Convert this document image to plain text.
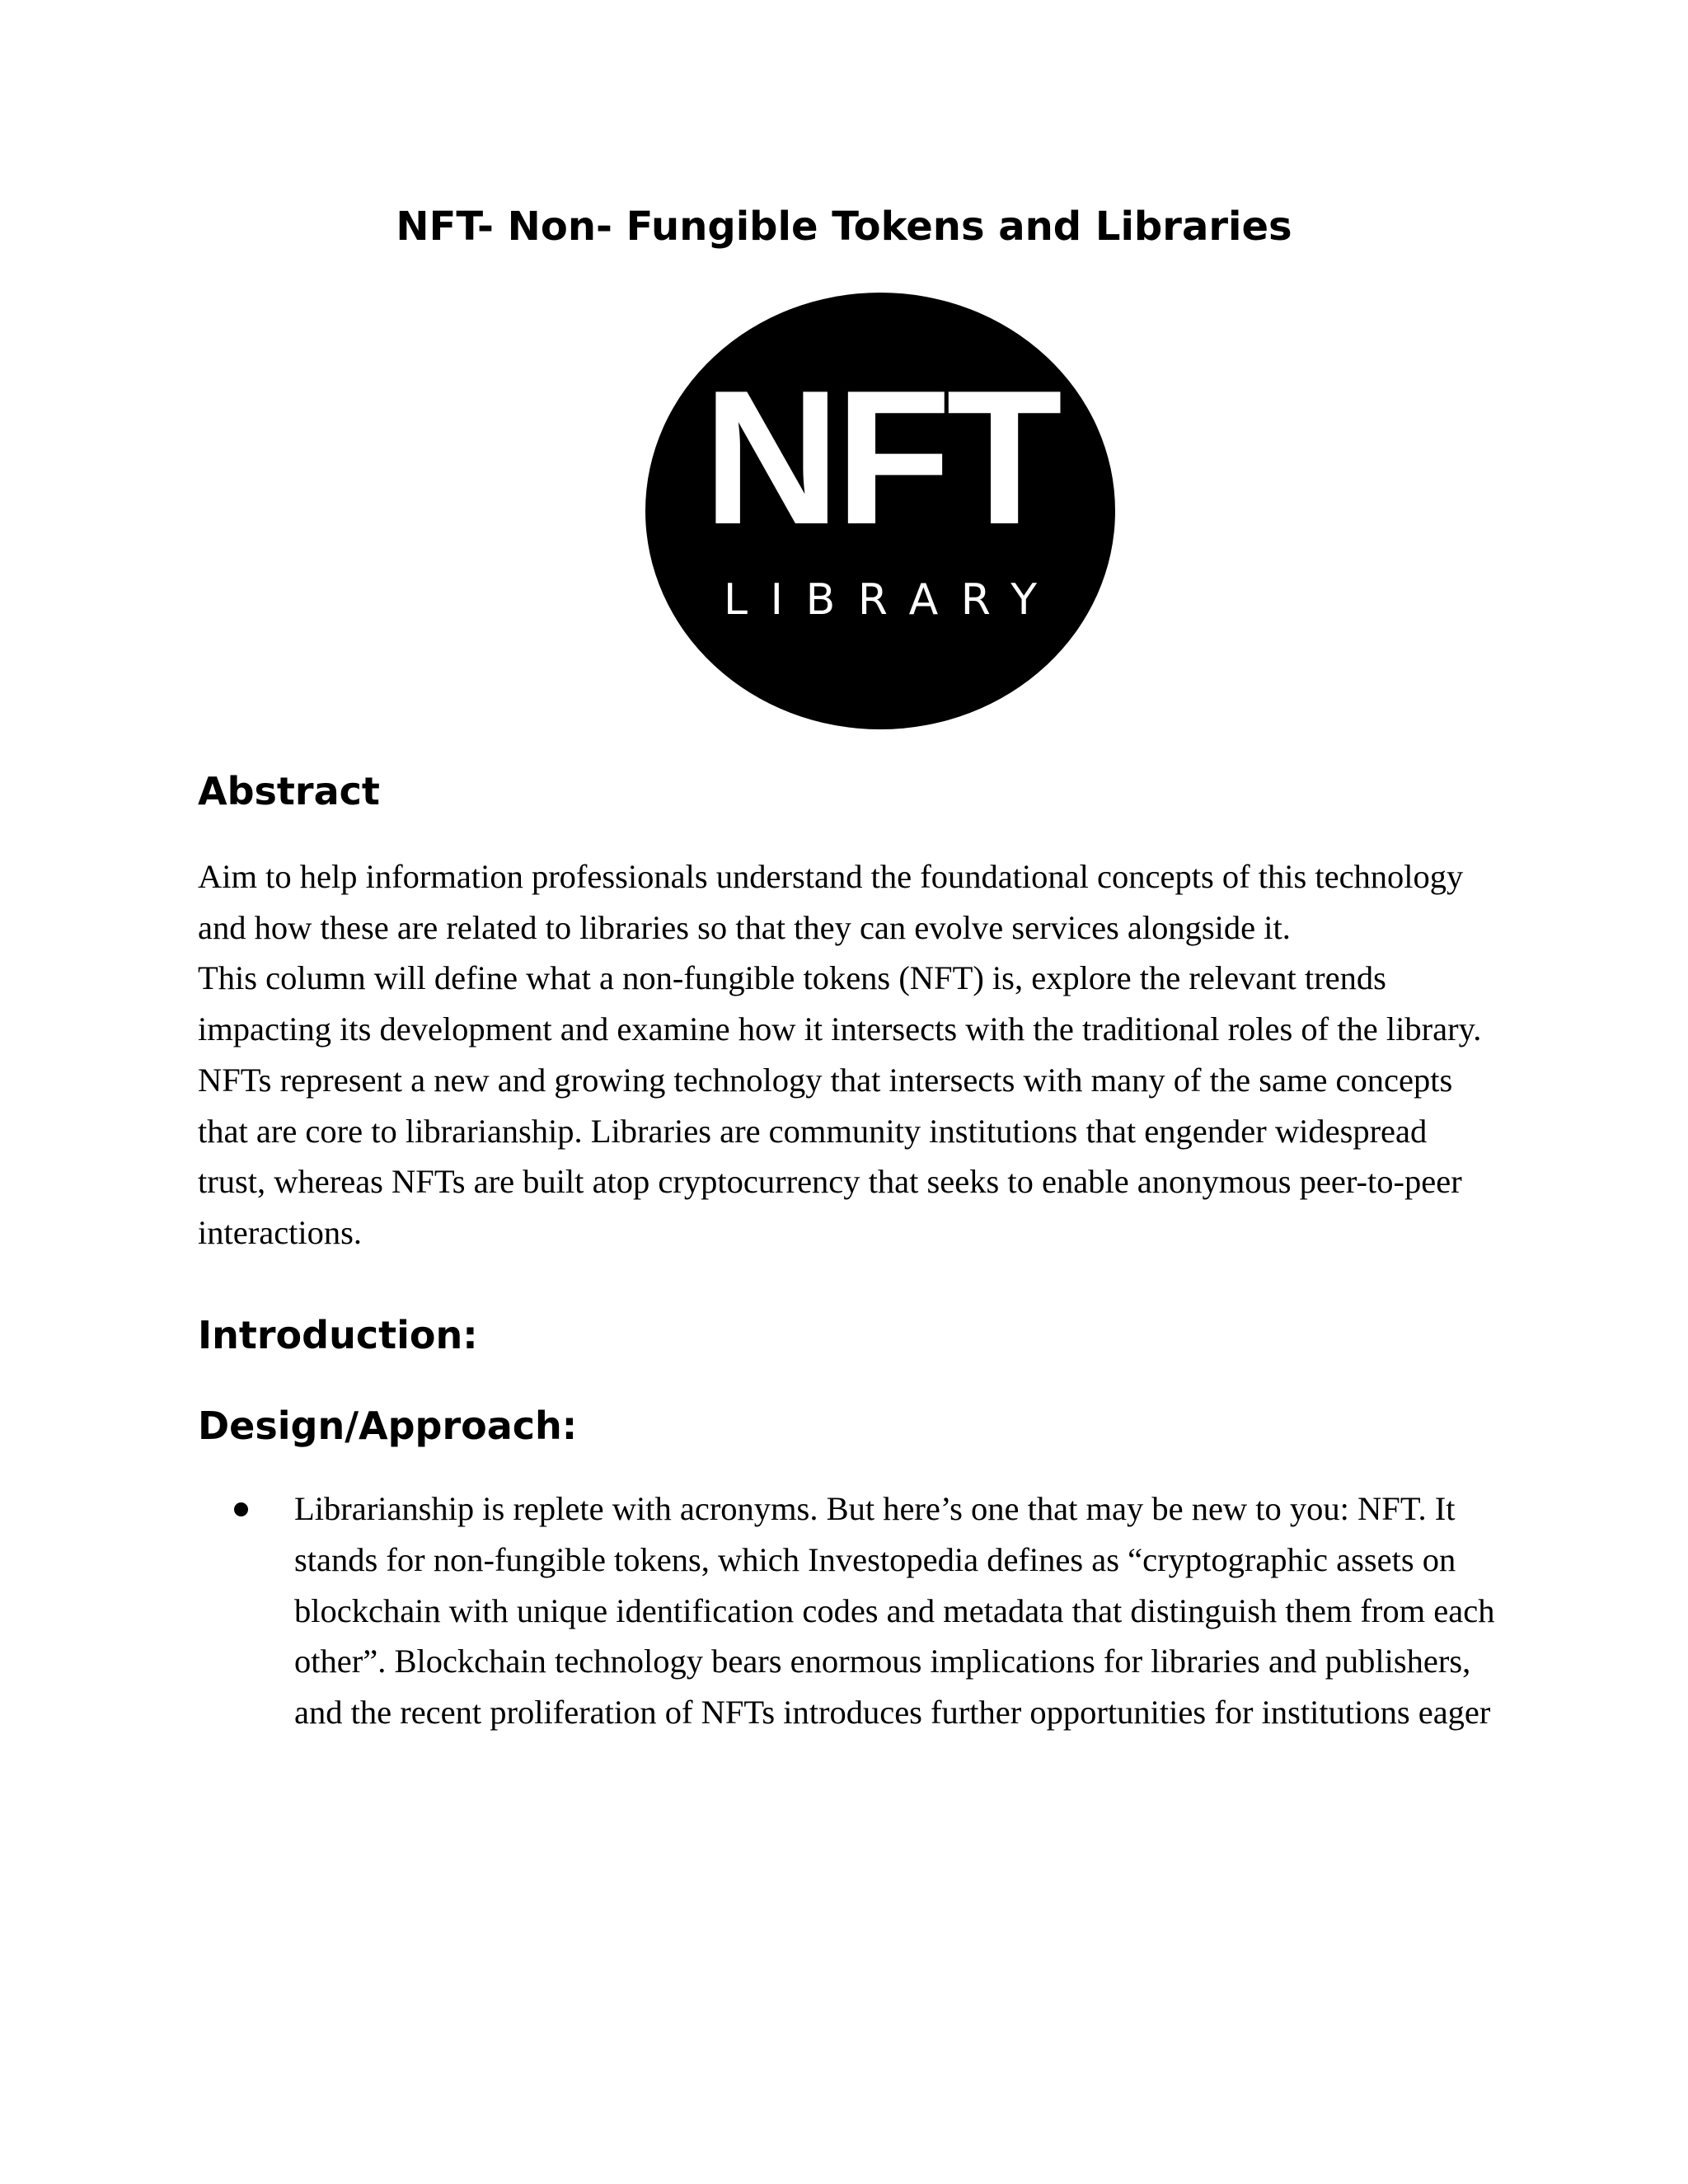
NFT- Non- Fungible Tokens and Libraries
NFT
LIBRARY
Abstract

Aim to help information professionals understand the foundational concepts of this technology and how these are related to libraries so that they can evolve services alongside it.

This column will define what a non-fungible tokens (NFT) is, explore the relevant trends impacting its development and examine how it intersects with the traditional roles of the library. NFTs represent a new and growing technology that intersects with many of the same concepts that are core to librarianship. Libraries are community institutions that engender widespread trust, whereas NFTs are built atop cryptocurrency that seeks to enable anonymous peer-to-peer interactions.

Introduction:
Design/Approach:
Librarianship is replete with acronyms. But here’s one that may be new to you: NFT. It stands for non-fungible tokens, which Investopedia defines as “cryptographic assets on blockchain with unique identification codes and metadata that distinguish them from each other”. Blockchain technology bears enormous implications for libraries and publishers, and the recent proliferation of NFTs introduces further opportunities for institutions eager
